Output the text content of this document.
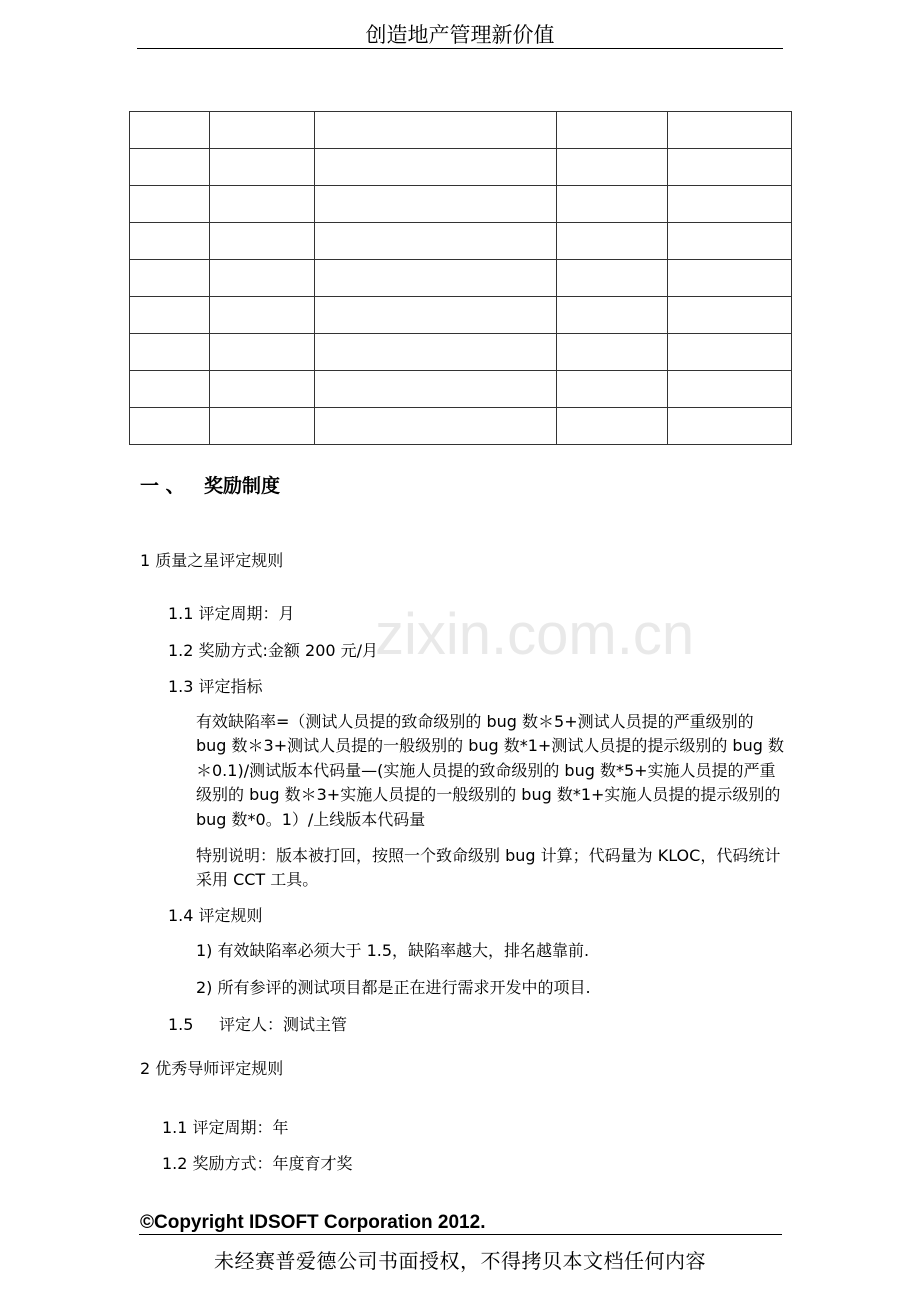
创造地产管理新价值

zixin.com.cn
一 、 奖励制度
1 质量之星评定规则
1.1 评定周期：月
1.2 奖励方式:金额 200 元/月
1.3 评定指标
有效缺陷率=（测试人员提的致命级别的 bug 数＊5+测试人员提的严重级别的 bug 数＊3+测试人员提的一般级别的 bug 数*1+测试人员提的提示级别的 bug 数＊0.1)/测试版本代码量—(实施人员提的致命级别的 bug 数*5+实施人员提的严重级别的 bug 数＊3+实施人员提的一般级别的 bug 数*1+实施人员提的提示级别的 bug 数*0。1）/上线版本代码量
特别说明：版本被打回，按照一个致命级别 bug 计算；代码量为 KLOC，代码统计采用 CCT 工具。
1.4 评定规则
1) 有效缺陷率必须大于 1.5，缺陷率越大，排名越靠前.
2) 所有参评的测试项目都是正在进行需求开发中的项目.
1.5 评定人：测试主管
2 优秀导师评定规则
1.1 评定周期：年
1.2 奖励方式：年度育才奖
©Copyright IDSOFT Corporation 2012.
未经赛普爱德公司书面授权，不得拷贝本文档任何内容
